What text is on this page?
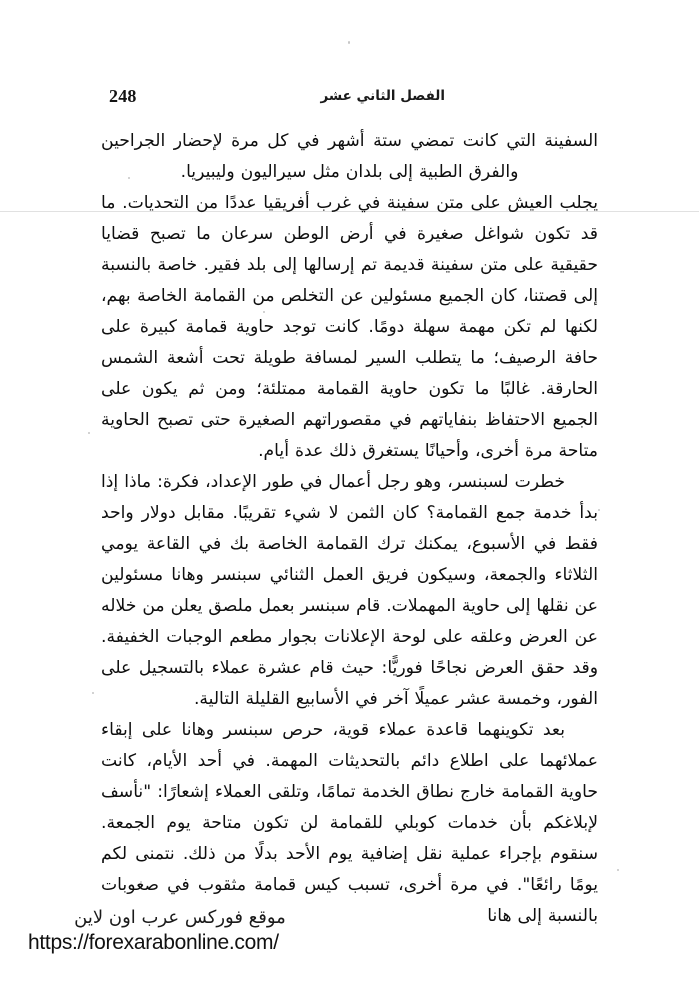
الفصل الثاني عشر
248

السفينة التي كانت تمضي ستة أشهر في كل مرة لإحضار الجراحين والفرق الطبية إلى بلدان مثل سيراليون وليبيريا.

يجلب العيش على متن سفينة في غرب أفريقيا عددًا من التحديات. ما قد تكون شواغل صغيرة في أرض الوطن سرعان ما تصبح قضايا حقيقية على متن سفينة قديمة تم إرسالها إلى بلد فقير. خاصة بالنسبة إلى قصتنا، كان الجميع مسئولين عن التخلص من القمامة الخاصة بهم، لكنها لم تكن مهمة سهلة دومًا. كانت توجد حاوية قمامة كبيرة على حافة الرصيف؛ ما يتطلب السير لمسافة طويلة تحت أشعة الشمس الحارقة. غالبًا ما تكون حاوية القمامة ممتلئة؛ ومن ثم يكون على الجميع الاحتفاظ بنفاياتهم في مقصوراتهم الصغيرة حتى تصبح الحاوية متاحة مرة أخرى، وأحيانًا يستغرق ذلك عدة أيام.

خطرت لسبنسر، وهو رجل أعمال في طور الإعداد، فكرة: ماذا إذا بدأ خدمة جمع القمامة؟ كان الثمن لا شيء تقريبًا. مقابل دولار واحد فقط في الأسبوع، يمكنك ترك القمامة الخاصة بك في القاعة يومي الثلاثاء والجمعة، وسيكون فريق العمل الثنائي سبنسر وهانا مسئولين عن نقلها إلى حاوية المهملات. قام سبنسر بعمل ملصق يعلن من خلاله عن العرض وعلقه على لوحة الإعلانات بجوار مطعم الوجبات الخفيفة. وقد حقق العرض نجاحًا فوريًّا: حيث قام عشرة عملاء بالتسجيل على الفور، وخمسة عشر عميلًا آخر في الأسابيع القليلة التالية.

بعد تكوينهما قاعدة عملاء قوية، حرص سبنسر وهانا على إبقاء عملائهما على اطلاع دائم بالتحديثات المهمة. في أحد الأيام، كانت حاوية القمامة خارج نطاق الخدمة تمامًا، وتلقى العملاء إشعارًا: "نأسف لإبلاغكم بأن خدمات كوبلي للقمامة لن تكون متاحة يوم الجمعة. سنقوم بإجراء عملية نقل إضافية يوم الأحد بدلًا من ذلك. نتمنى لكم يومًا رائعًا". في مرة أخرى، تسبب كيس قمامة مثقوب في صعوبات بالنسبة إلى هانا

موقع فوركس عرب اون لاين
https://forexarabonline.com/
